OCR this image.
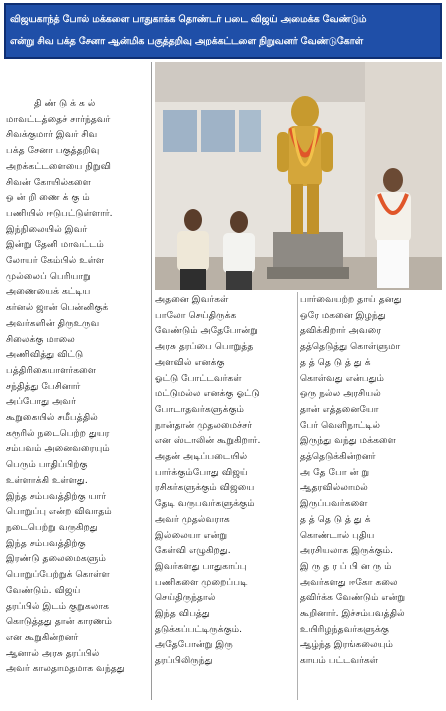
விஜயகாந்த் போல் மக்களை பாதுகாக்க தொண்டர் படை விஜய் அமைக்க வேண்டும்
என்று சிவ பக்த சேனா ஆன்மிக பகுத்தறிவு அறக்கட்டளை நிறுவனர் வேண்டுகோள்

தி ண் டு க் க ல்

மாவட்டத்தைச் சார்ந்தவர்

சிவக்குமார் இவர் சிவ

பக்த சேனா பகுத்தறிவு

அறக்கட்டளையை நிறுவி

சிவன் கோயில்களை

ஒ ன் றி ணை க் கு ம்

பணியில் ஈடுபட்டுள்ளார்.

இந்நிலையில் இவர்

இன்று தேனி மாவட்டம்

லோயர் கேம்பில் உள்ள

முல்லைப் பெரியாறு

அணையைக் கட்டிய

கர்னல் ஜான் பென்னிகுக்

அவர்களின் திருஉருவ

சிலைக்கு மாலை

அணிவித்து விட்டு

பத்திரிகையாளர்களை

சந்தித்து பேசினார்

அப்போது அவர்

கூறுகையில் சமீபத்தில்

கரூரில் நடைபெற்ற துயர

சம்பவம் அனைவரையும்

பெரும் பாதிப்பிற்கு

உள்ளாக்கி உள்ளது.

இந்த சம்பவத்திற்கு யார்

பொறுப்பு என்ற விவாதம்

நடைபெற்று வருகிறது

இந்த சம்பவத்திற்கு

இரண்டு தலைமைகளும்

பொறுப்பேற்றுக் கொள்ள

வேண்டும். விஜய்

தரப்பில் இடம் குறுகலாக

கொடுத்தது தான் காரணம்

என கூறுகின்றனர்

ஆனால் அரசு தரப்பில்

அவர் காலதாமதமாக வந்தது

அதனை இவர்கள்

பாலோ செய்திருக்க

வேண்டும் அதேபோன்று

அரசு தரப்பை பொறுத்த

அளவில் எனக்கு

ஓட்டு போட்டவர்கள்

மட்டுமல்ல எனக்கு ஓட்டு

போடாதவர்களுக்கும்

நான்தான் முதலமைச்சர்

என ஸ்டாலின் கூறுகிறார்.

அதன் அடிப்படையில்

பார்க்கும்போது விஜய்

ரசிகர்களுக்கும் விஜயை

தேடி வருபவர்களுக்கும்

அவர் முதல்வராக

இல்லையா என்று

கேள்வி எழுகிறது.

இவர்களது பாதுகாப்பு

பணிகளை முறைப்படி

செய்திருந்தால்

இந்த விபத்து

தடுக்கப்பட்டிருக்கும்.

அதேபோன்று இரு

தரப்பிலிருந்து

பார்வையற்ற தாய் தனது

ஒரே மகனை இழந்து

தவிக்கிறார் அவரை

தத்தெடுத்து கொள்ளுமா

த த் தெ டு த் து க்

கொள்வது என்பதும்

ஒரு நல்ல அரசியல்

தான் எத்தனையோ

பேர் வெளிநாட்டில்

இருந்து வந்து மக்களை

தத்தெடுக்கின்றனர்

அ தே போ ன் று

ஆதரவில்லாமல்

இருப்பவர்களை

த த் தெ டு த் து க்

கொண்டால் புதிய

அரசியலாக இருக்கும்.

இ ரு த ர ப் பி ன ரு ம்

அவர்களது ஈகோ கலை

தவிர்க்க வேண்டும் என்று

கூறினார். இச்சம்பவத்தில்

உயிரிழந்தவர்களுக்கு

ஆழ்ந்த இரங்கலையும்

காயம் பட்டவர்கள்
